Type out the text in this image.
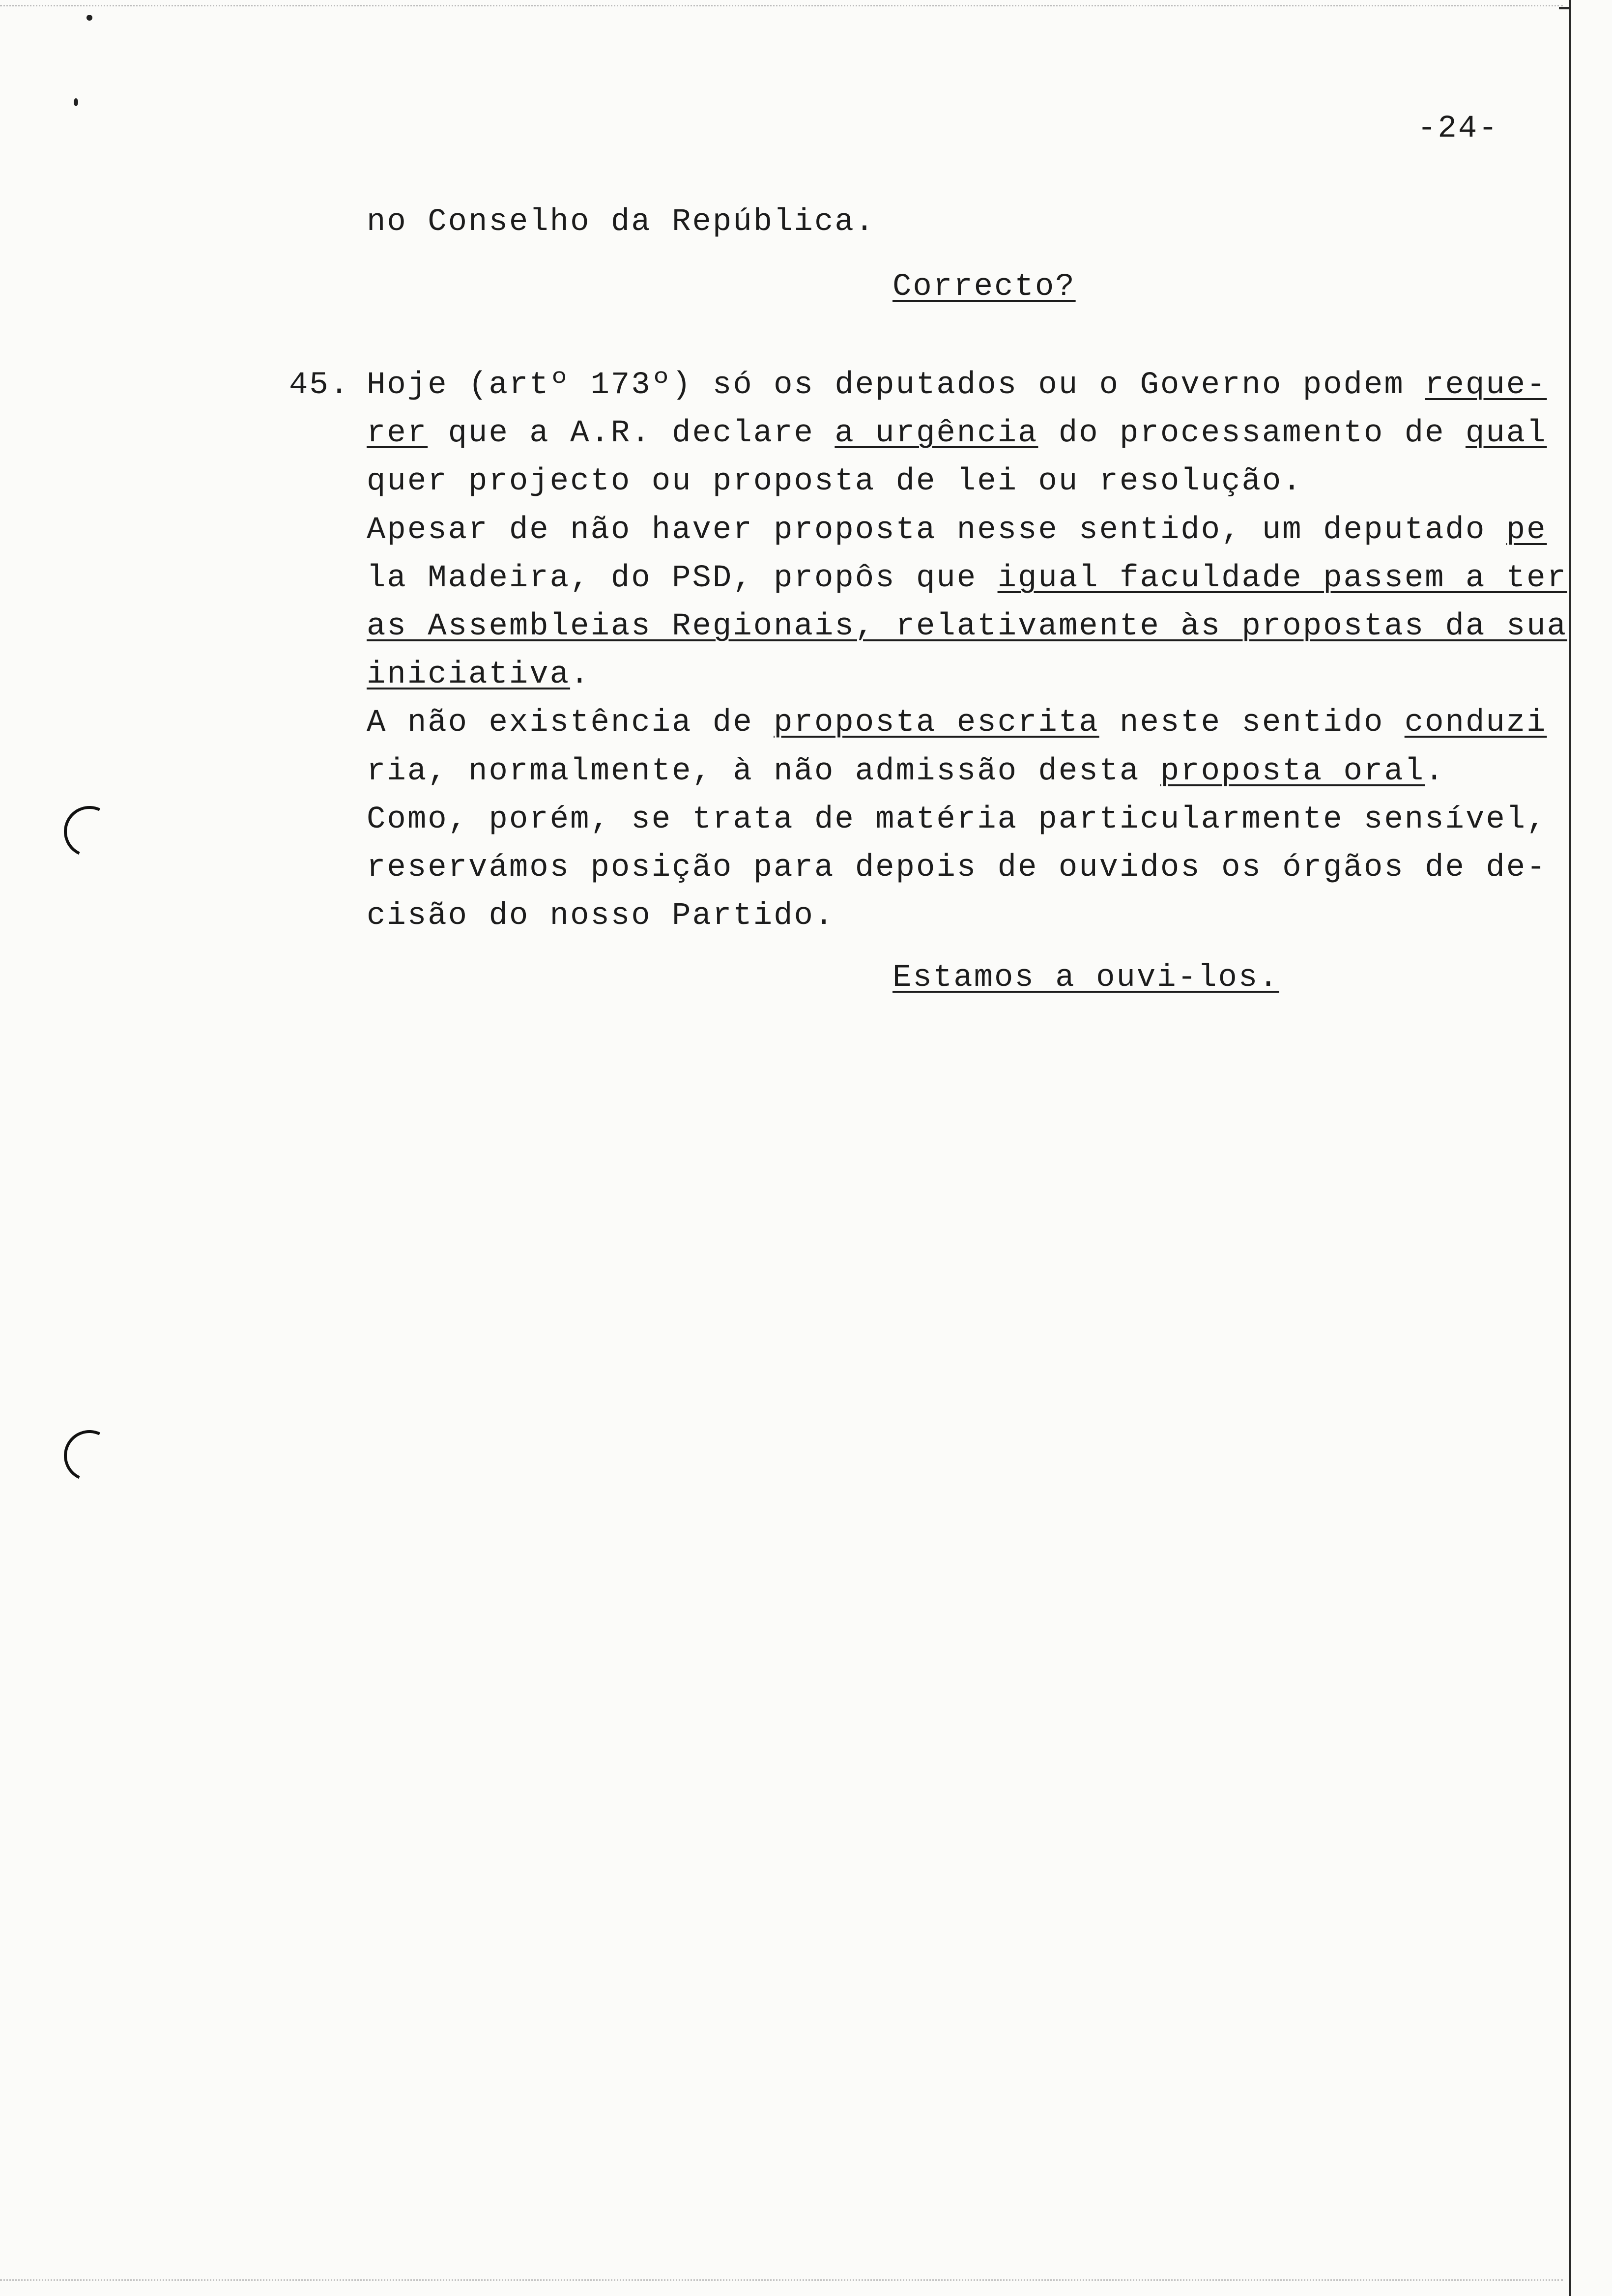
-24-
no Conselho da República.
Correcto?
45. Hoje (artº 173º) só os deputados ou o Governo podem reque-
rer que a A.R. declare a urgência do processamento de qual
quer projecto ou proposta de lei ou resolução.
Apesar de não haver proposta nesse sentido, um deputado pe
la Madeira, do PSD, propôs que igual faculdade passem a ter
as Assembleias Regionais, relativamente às propostas da sua
iniciativa.
A não existência de proposta escrita neste sentido conduzi
ria, normalmente, à não admissão desta proposta oral.
Como, porém, se trata de matéria particularmente sensível,
reservámos posição para depois de ouvidos os órgãos de de-
cisão do nosso Partido.
Estamos a ouvi-los.
